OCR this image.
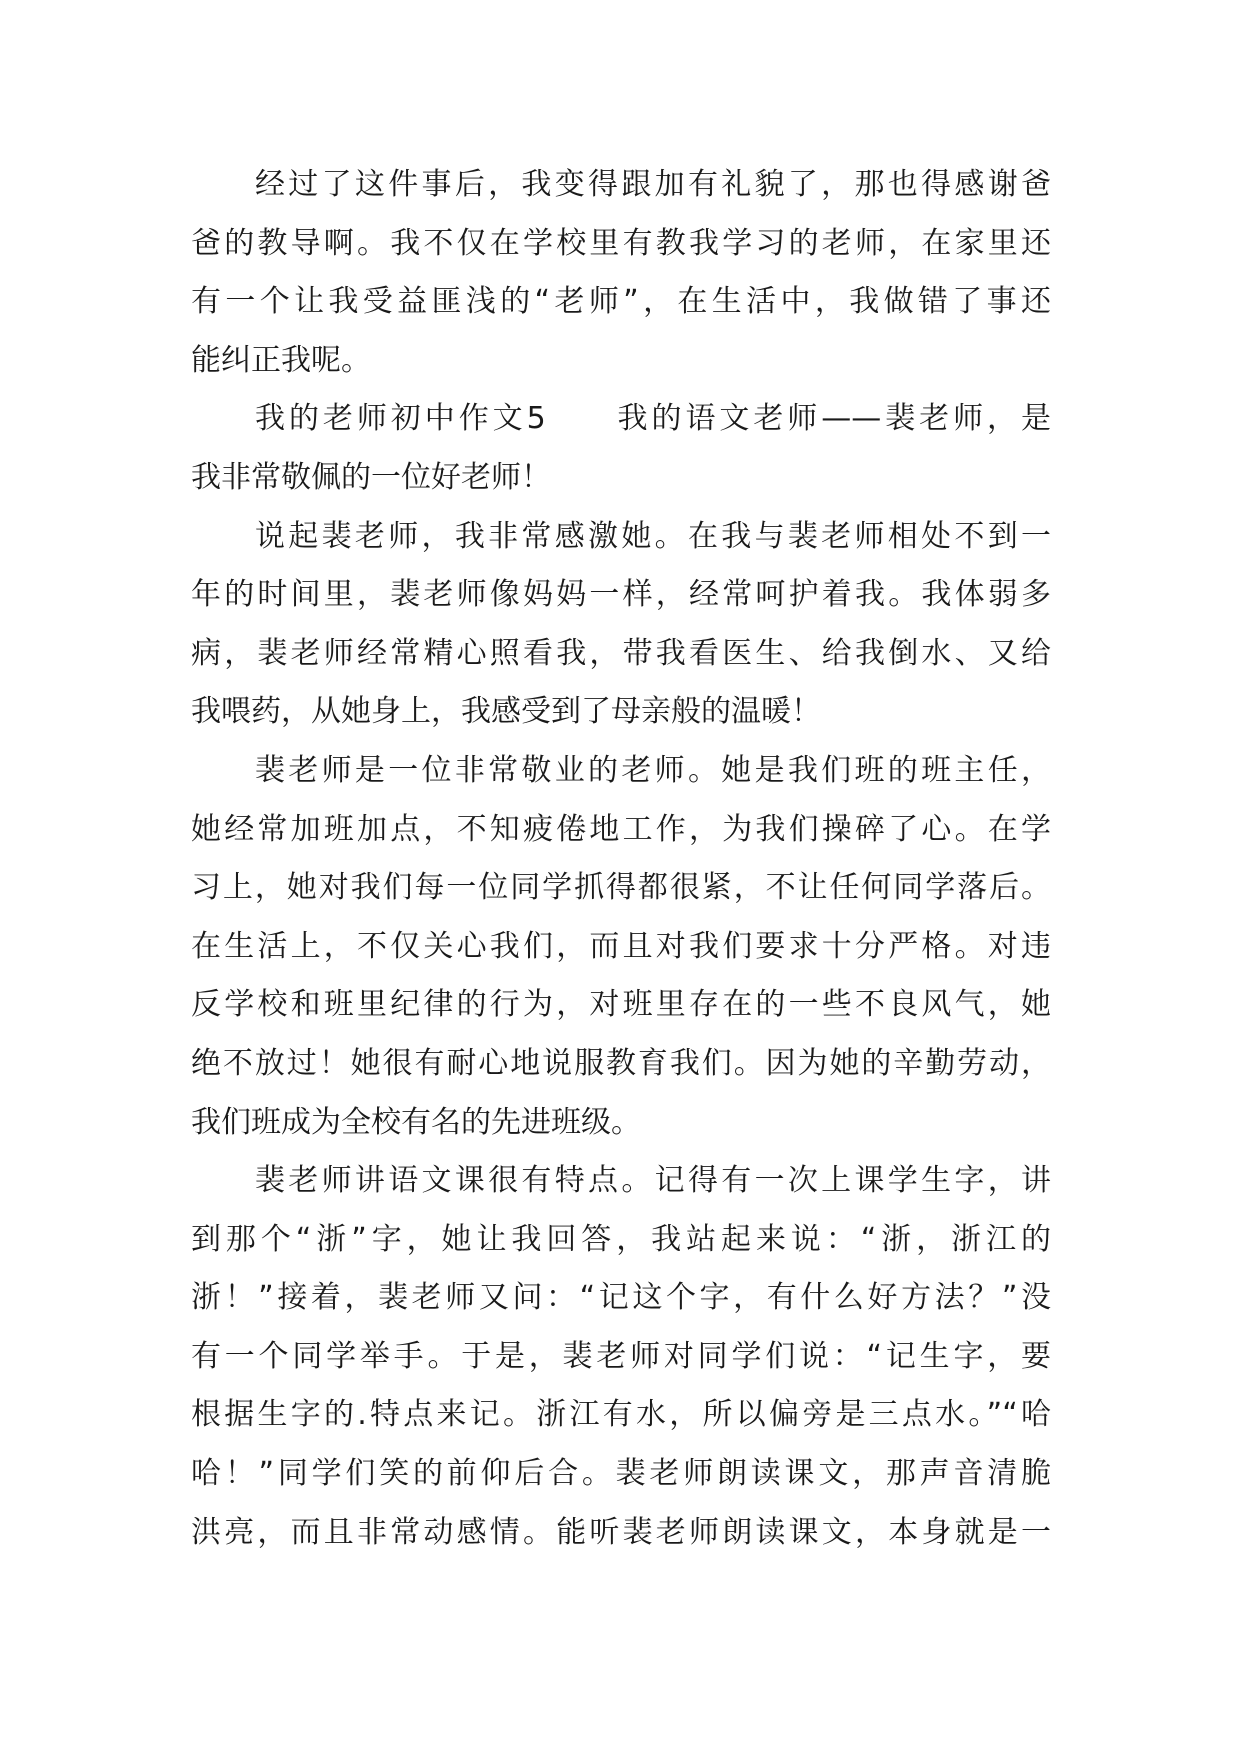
经过了这件事后，我变得跟加有礼貌了，那也得感谢爸
爸的教导啊。我不仅在学校里有教我学习的老师，在家里还
有一个让我受益匪浅的“老师”，在生活中，我做错了事还
能纠正我呢。
我的老师初中作文5　　我的语文老师——裴老师，是
我非常敬佩的一位好老师！
说起裴老师，我非常感激她。在我与裴老师相处不到一
年的时间里，裴老师像妈妈一样，经常呵护着我。我体弱多
病，裴老师经常精心照看我，带我看医生、给我倒水、又给
我喂药，从她身上，我感受到了母亲般的温暖！
裴老师是一位非常敬业的老师。她是我们班的班主任，
她经常加班加点，不知疲倦地工作，为我们操碎了心。在学
习上，她对我们每一位同学抓得都很紧，不让任何同学落后。
在生活上，不仅关心我们，而且对我们要求十分严格。对违
反学校和班里纪律的行为，对班里存在的一些不良风气，她
绝不放过！她很有耐心地说服教育我们。因为她的辛勤劳动，
我们班成为全校有名的先进班级。
裴老师讲语文课很有特点。记得有一次上课学生字，讲
到那个“浙”字，她让我回答，我站起来说：“浙，浙江的
浙！”接着，裴老师又问：“记这个字，有什么好方法？”没
有一个同学举手。于是，裴老师对同学们说：“记生字，要
根据生字的.特点来记。浙江有水，所以偏旁是三点水。”“哈
哈！”同学们笑的前仰后合。裴老师朗读课文，那声音清脆
洪亮，而且非常动感情。能听裴老师朗读课文，本身就是一
